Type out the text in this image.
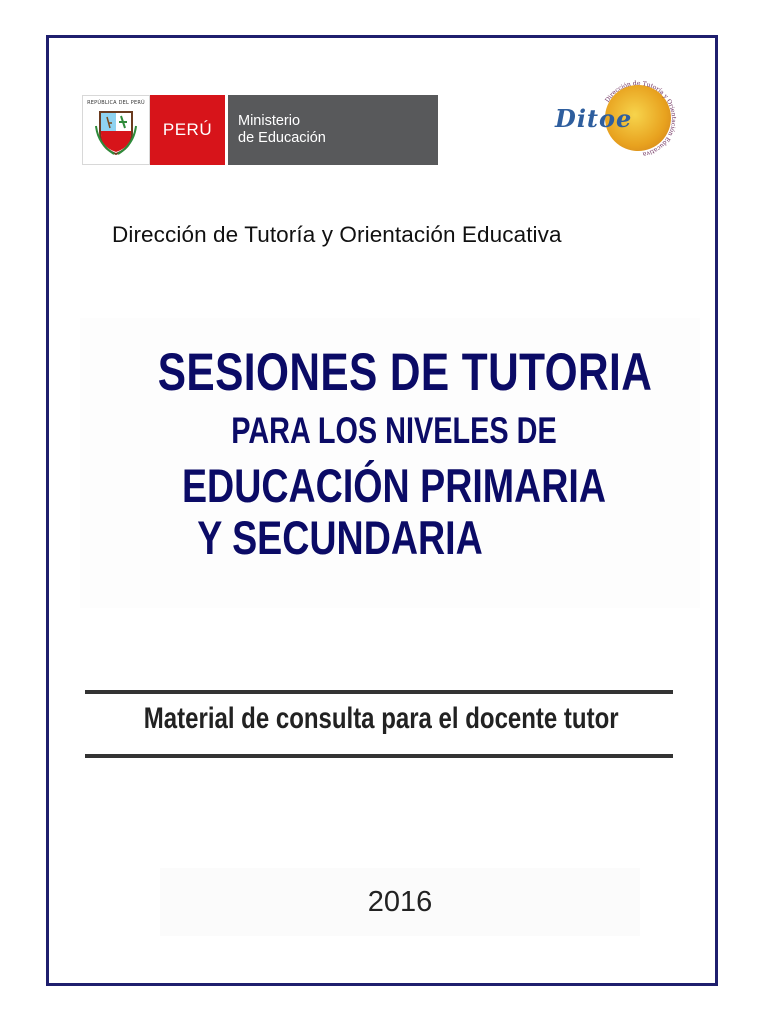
REPÚBLICA DEL PERÚ
PERÚ	Ministerio
de Educación
Dirección de Tutoría y Orientación Educativa
Ditoe
Dirección de Tutoría y Orientación Educativa
SESIONES DE TUTORIA
PARA LOS NIVELES DE
EDUCACIÓN PRIMARIA
Y SECUNDARIA
Material de consulta para el docente tutor
2016
